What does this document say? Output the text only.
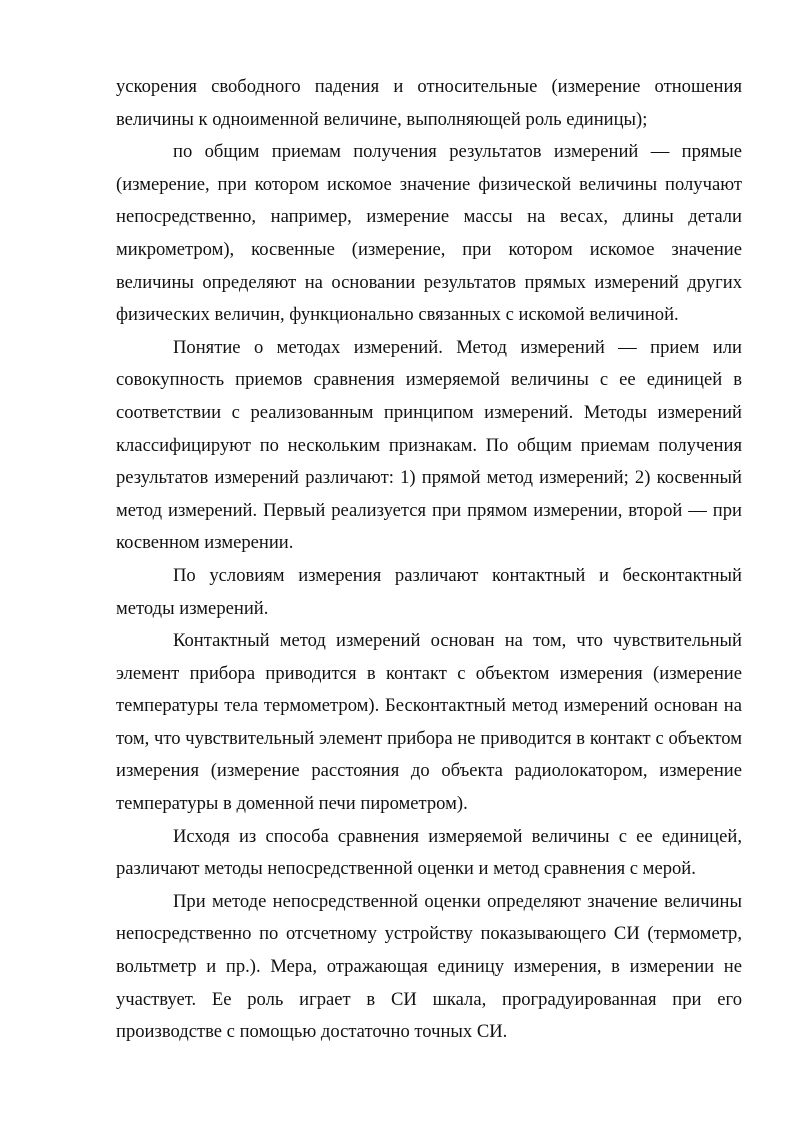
ускорения свободного падения и относительные (измерение отношения величины к одноименной величине, выполняющей роль единицы);

по общим приемам получения результатов измерений — прямые (измерение, при котором искомое значение физической величины получают непосредственно, например, измерение массы на весах, длины детали микрометром), косвенные (измерение, при котором искомое значение величины определяют на основании результатов прямых измерений других физических величин, функционально связанных с искомой величиной.

Понятие о методах измерений. Метод измерений — прием или совокупность приемов сравнения измеряемой величины с ее единицей в соответствии с реализованным принципом измерений. Методы измерений классифицируют по нескольким признакам. По общим приемам получения результатов измерений различают: 1) прямой метод измерений; 2) косвенный метод измерений. Первый реализуется при прямом измерении, второй — при косвенном измерении.

По условиям измерения различают контактный и бесконтактный методы измерений.

Контактный метод измерений основан на том, что чувствительный элемент прибора приводится в контакт с объектом измерения (измерение температуры тела термометром). Бесконтактный метод измерений основан на том, что чувствительный элемент прибора не приводится в контакт с объектом измерения (измерение расстояния до объекта радиолокатором, измерение температуры в доменной печи пирометром).

Исходя из способа сравнения измеряемой величины с ее единицей, различают методы непосредственной оценки и метод сравнения с мерой.

При методе непосредственной оценки определяют значение величины непосредственно по отсчетному устройству показывающего СИ (термометр, вольтметр и пр.). Мера, отражающая единицу измерения, в измерении не участвует. Ее роль играет в СИ шкала, проградуированная при его производстве с помощью достаточно точных СИ.
